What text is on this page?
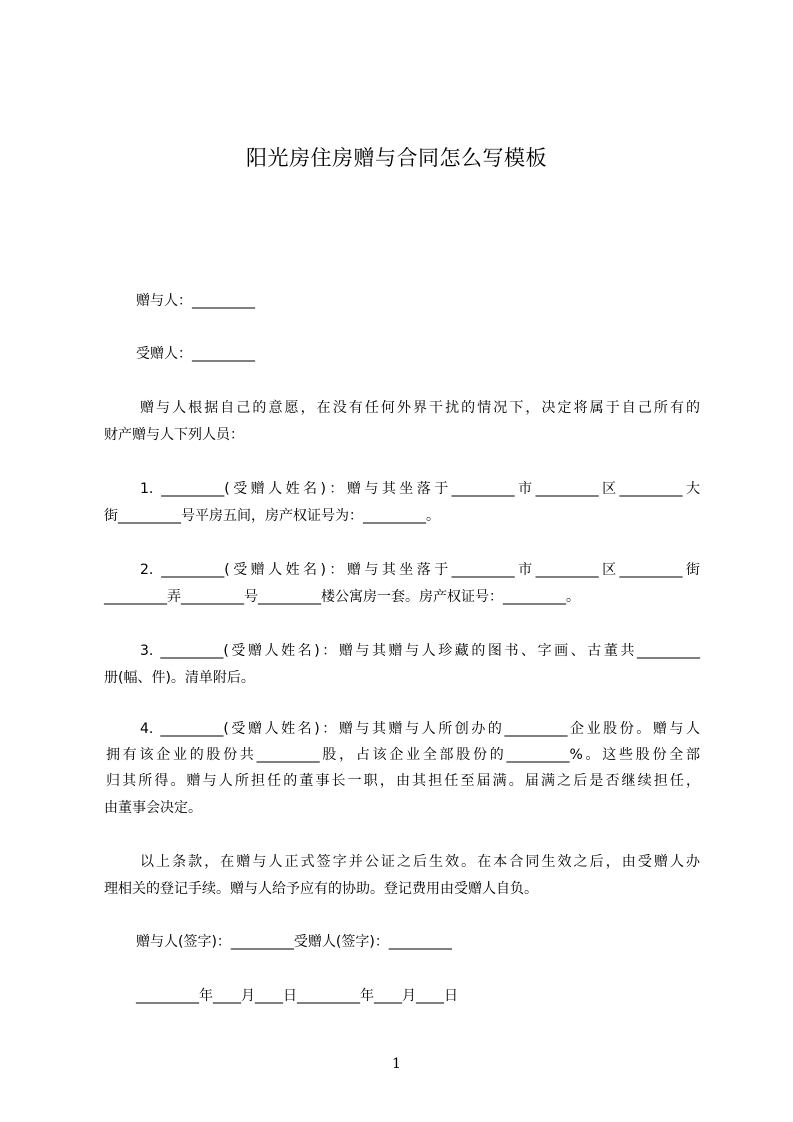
阳光房住房赠与合同怎么写模板
赠与人：_________
受赠人：_________
赠与人根据自己的意愿，在没有任何外界干扰的情况下，决定将属于自己所有的
财产赠与人下列人员：
1. _________(受赠人姓名)：赠与其坐落于_________市_________区_________大
街_________号平房五间，房产权证号为：_________。
2. _________(受赠人姓名)：赠与其坐落于_________市_________区_________街
_________弄_________号_________楼公寓房一套。房产权证号：_________。
3. _________(受赠人姓名)：赠与其赠与人珍藏的图书、字画、古董共_________
册(幅、件)。清单附后。
4. _________(受赠人姓名)：赠与其赠与人所创办的_________企业股份。赠与人
拥有该企业的股份共_________股，占该企业全部股份的_________%。这些股份全部
归其所得。赠与人所担任的董事长一职，由其担任至届满。届满之后是否继续担任，
由董事会决定。
以上条款，在赠与人正式签字并公证之后生效。在本合同生效之后，由受赠人办
理相关的登记手续。赠与人给予应有的协助。登记费用由受赠人自负。
赠与人(签字)：_________受赠人(签字)：_________
_________年____月____日_________年____月____日
1
